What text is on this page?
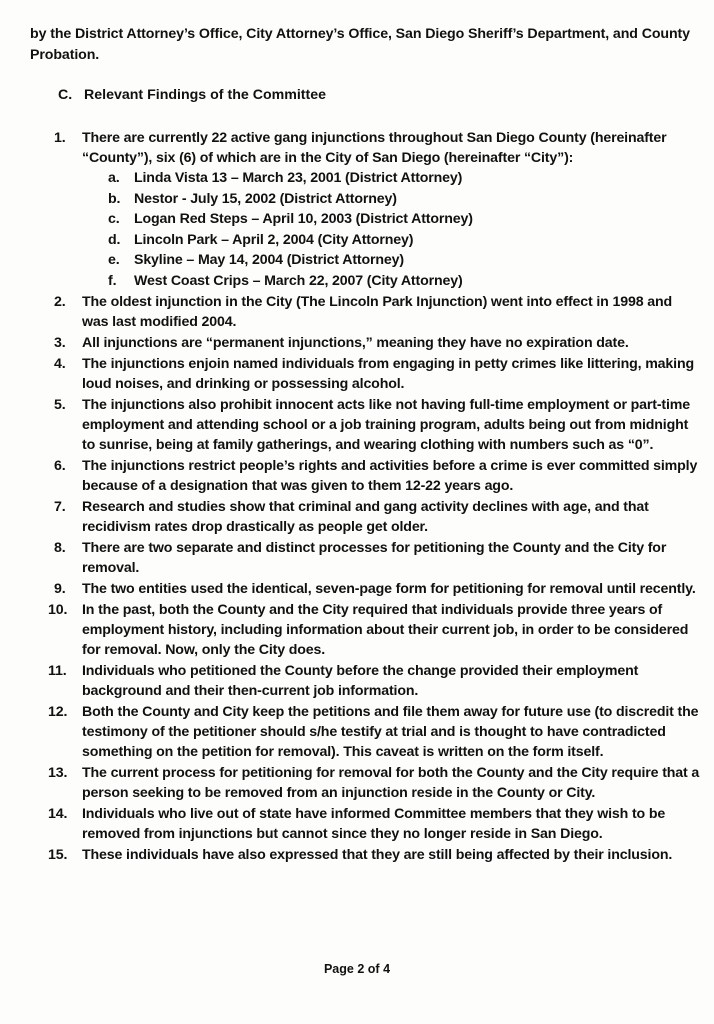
by the District Attorney’s Office, City Attorney’s Office, San Diego Sheriff’s Department, and County Probation.
C. Relevant Findings of the Committee
1.	There are currently 22 active gang injunctions throughout San Diego County (hereinafter “County”), six (6) of which are in the City of San Diego (hereinafter “City”):
a. Linda Vista 13 – March 23, 2001 (District Attorney)
b. Nestor - July 15, 2002 (District Attorney)
c. Logan Red Steps – April 10, 2003 (District Attorney)
d. Lincoln Park – April 2, 2004 (City Attorney)
e. Skyline – May 14, 2004 (District Attorney)
f. West Coast Crips – March 22, 2007 (City Attorney)
2.	The oldest injunction in the City (The Lincoln Park Injunction) went into effect in 1998 and was last modified 2004.
3.	All injunctions are “permanent injunctions,” meaning they have no expiration date.
4.	The injunctions enjoin named individuals from engaging in petty crimes like littering, making loud noises, and drinking or possessing alcohol.
5.	The injunctions also prohibit innocent acts like not having full-time employment or part-time employment and attending school or a job training program, adults being out from midnight to sunrise, being at family gatherings, and wearing clothing with numbers such as “0”.
6.	The injunctions restrict people’s rights and activities before a crime is ever committed simply because of a designation that was given to them 12-22 years ago.
7.	Research and studies show that criminal and gang activity declines with age, and that recidivism rates drop drastically as people get older.
8.	There are two separate and distinct processes for petitioning the County and the City for removal.
9.	The two entities used the identical, seven-page form for petitioning for removal until recently.
10.	In the past, both the County and the City required that individuals provide three years of employment history, including information about their current job, in order to be considered for removal. Now, only the City does.
11.	Individuals who petitioned the County before the change provided their employment background and their then-current job information.
12.	Both the County and City keep the petitions and file them away for future use (to discredit the testimony of the petitioner should s/he testify at trial and is thought to have contradicted something on the petition for removal). This caveat is written on the form itself.
13.	The current process for petitioning for removal for both the County and the City require that a person seeking to be removed from an injunction reside in the County or City.
14.	Individuals who live out of state have informed Committee members that they wish to be removed from injunctions but cannot since they no longer reside in San Diego.
15.	These individuals have also expressed that they are still being affected by their inclusion.
Page 2 of 4
